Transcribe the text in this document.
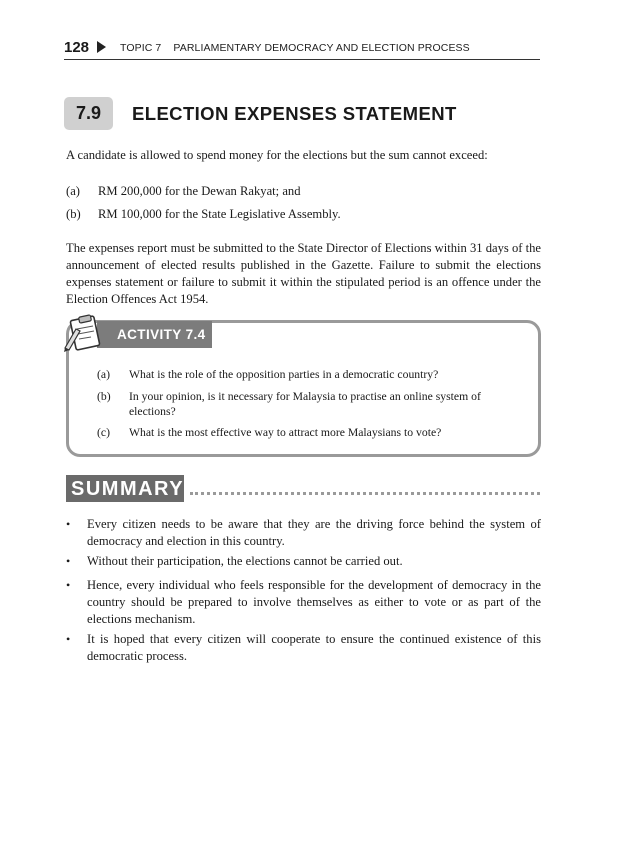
128	TOPIC 7    PARLIAMENTARY DEMOCRACY AND ELECTION PROCESS
7.9	ELECTION EXPENSES STATEMENT

A candidate is allowed to spend money for the elections but the sum cannot exceed:

(a) RM 200,000 for the Dewan Rakyat; and
(b) RM 100,000 for the State Legislative Assembly.

The expenses report must be submitted to the State Director of Elections within 31 days of the announcement of elected results published in the Gazette. Failure to submit the elections expenses statement or failure to submit it within the stipulated period is an offence under the Election Offences Act 1954.

ACTIVITY 7.4
(a) What is the role of the opposition parties in a democratic country?
(b) In your opinion, is it necessary for Malaysia to practise an online system of elections?
(c) What is the most effective way to attract more Malaysians to vote?
SUMMARY
• Every citizen needs to be aware that they are the driving force behind the system of democracy and election in this country.
• Without their participation, the elections cannot be carried out.
• Hence, every individual who feels responsible for the development of democracy in the country should be prepared to involve themselves as either to vote or as part of the elections mechanism.
• It is hoped that every citizen will cooperate to ensure the continued existence of this democratic process.
